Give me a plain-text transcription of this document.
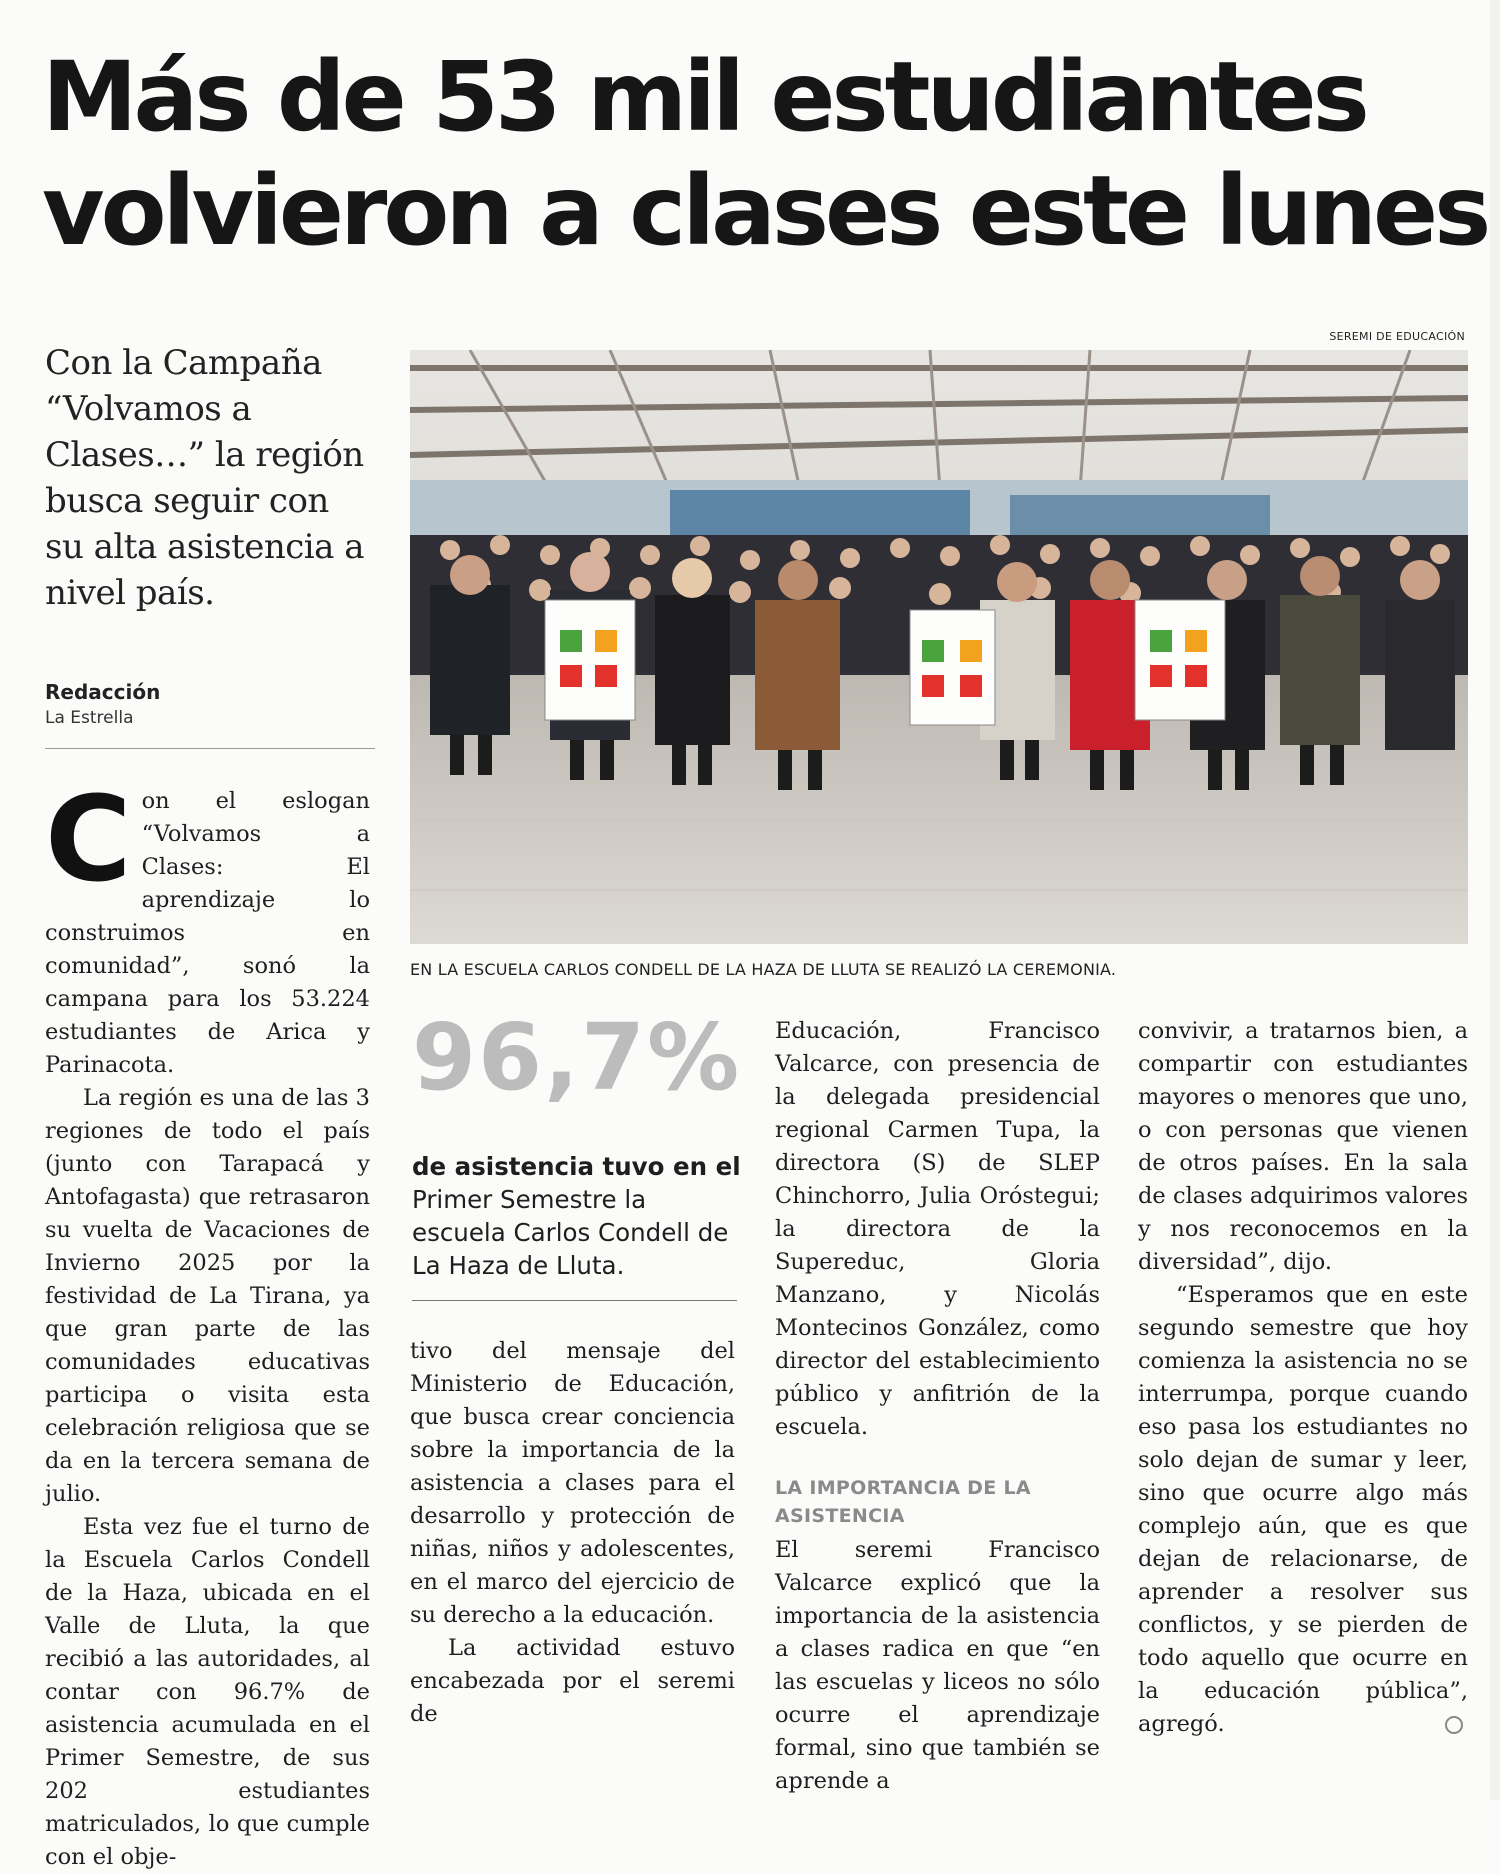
Más de 53 mil estudiantes
volvieron a clases este lunes
Con la Campaña “Volvamos a Clases…” la región busca seguir con su alta asistencia a nivel país.
Redacción
La Estrella
SEREMI DE EDUCACIÓN
EN LA ESCUELA CARLOS CONDELL DE LA HAZA DE LLUTA SE REALIZÓ LA CEREMONIA.

Con el eslogan “Volvamos a Clases: El aprendizaje lo construimos en comunidad”, sonó la campana para los 53.224 estudiantes de Arica y Parinacota.

La región es una de las 3 regiones de todo el país (junto con Tarapacá y Antofagasta) que retrasaron su vuelta de Vacaciones de Invierno 2025 por la festividad de La Tirana, ya que gran parte de las comunidades educativas participa o visita esta celebración religiosa que se da en la tercera semana de julio.

Esta vez fue el turno de la Escuela Carlos Condell de la Haza, ubicada en el Valle de Lluta, la que recibió a las autoridades, al contar con 96.7% de asistencia acumulada en el Primer Semestre, de sus 202 estudiantes matriculados, lo que cumple con el obje-

96,7%
de asistencia tuvo en el Primer Semestre la escuela Carlos Condell de La Haza de Lluta.

tivo del mensaje del Ministerio de Educación, que busca crear conciencia sobre la importancia de la asistencia a clases para el desarrollo y protección de niñas, niños y adolescentes, en el marco del ejercicio de su derecho a la educación.

La actividad estuvo encabezada por el seremi de

Educación, Francisco Valcarce, con presencia de la delegada presidencial regional Carmen Tupa, la directora (S) de SLEP Chinchorro, Julia Oróstegui; la directora de la Supereduc, Gloria Manzano, y Nicolás Montecinos González, como director del establecimiento público y anfitrión de la escuela.

LA IMPORTANCIA DE LA ASISTENCIA

El seremi Francisco Valcarce explicó que la importancia de la asistencia a clases radica en que “en las escuelas y liceos no sólo ocurre el aprendizaje formal, sino que también se aprende a

convivir, a tratarnos bien, a compartir con estudiantes mayores o menores que uno, o con personas que vienen de otros países. En la sala de clases adquirimos valores y nos reconocemos en la diversidad”, dijo.

“Esperamos que en este segundo semestre que hoy comienza la asistencia no se interrumpa, porque cuando eso pasa los estudiantes no solo dejan de sumar y leer, sino que ocurre algo más complejo aún, que es que dejan de relacionarse, de aprender a resolver sus conflictos, y se pierden de todo aquello que ocurre en la educación pública”, agregó.
